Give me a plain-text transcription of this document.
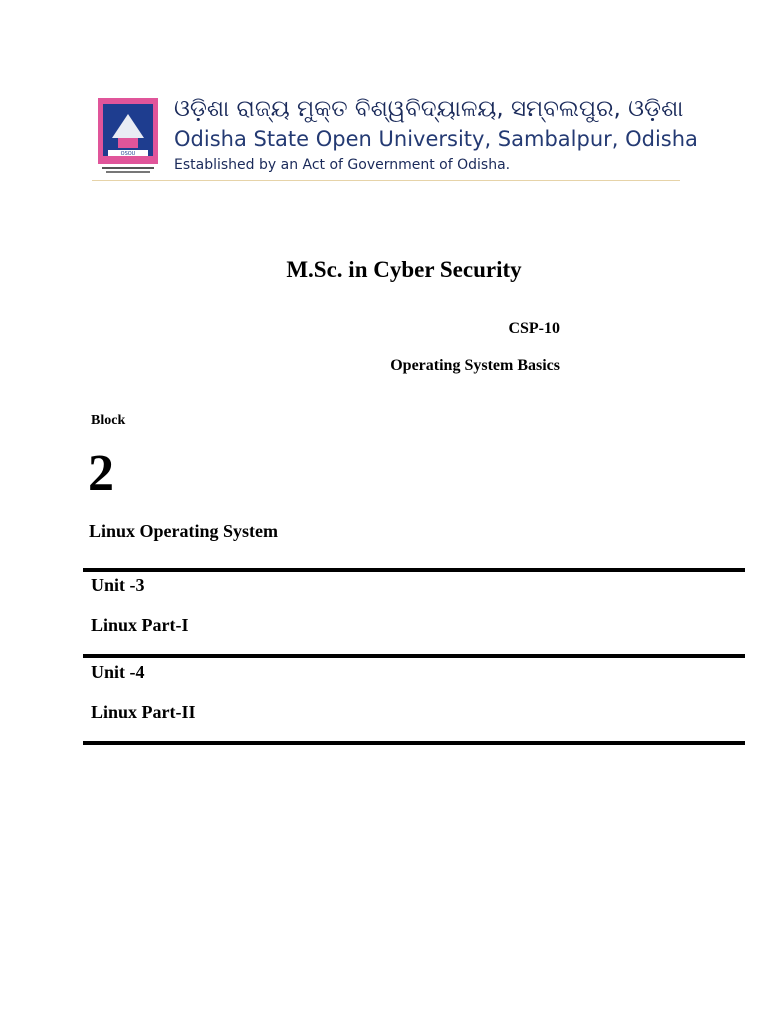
OSOU
ଓଡ଼ିଶା ରାଜ୍ୟ ମୁକ୍ତ ବିଶ୍ୱବିଦ୍ୟାଳୟ, ସମ୍ବଲପୁର, ଓଡ଼ିଶା
Odisha State Open University, Sambalpur, Odisha
Established by an Act of Government of Odisha.
M.Sc. in Cyber Security
CSP-10
Operating System Basics
Block
2
Linux Operating System
Unit -3
Linux Part-I
Unit -4
Linux Part-II
